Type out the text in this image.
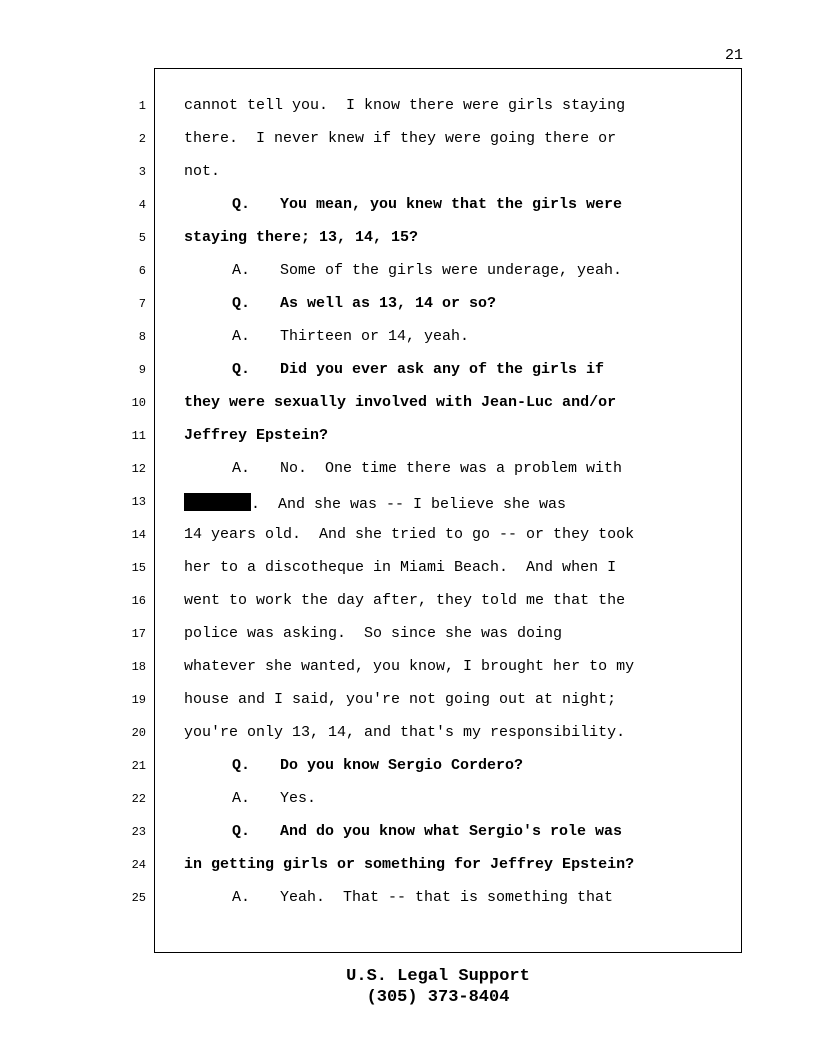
21
1	cannot tell you.  I know there were girls staying
2	there.  I never knew if they were going there or
3	not.
4	Q. You mean, you knew that the girls were
5	staying there; 13, 14, 15?
6	A. Some of the girls were underage, yeah.
7	Q. As well as 13, 14 or so?
8	A. Thirteen or 14, yeah.
9	Q. Did you ever ask any of the girls if
10	they were sexually involved with Jean-Luc and/or
11	Jeffrey Epstein?
12	A. No.  One time there was a problem with
13	.  And she was -- I believe she was
14	14 years old.  And she tried to go -- or they took
15	her to a discotheque in Miami Beach.  And when I
16	went to work the day after, they told me that the
17	police was asking.  So since she was doing
18	whatever she wanted, you know, I brought her to my
19	house and I said, you're not going out at night;
20	you're only 13, 14, and that's my responsibility.
21	Q. Do you know Sergio Cordero?
22	A. Yes.
23	Q. And do you know what Sergio's role was
24	in getting girls or something for Jeffrey Epstein?
25	A. Yeah.  That -- that is something that
U.S. Legal Support
(305) 373-8404
